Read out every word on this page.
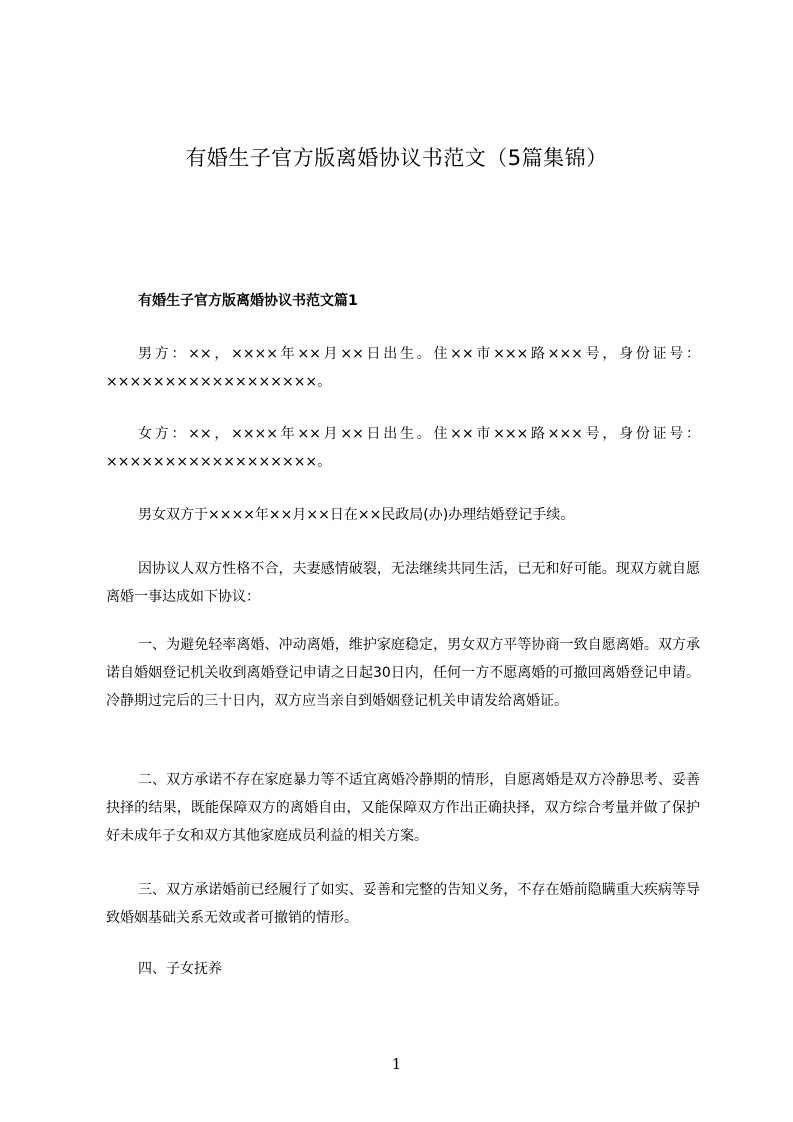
有婚生子官方版离婚协议书范文（5篇集锦）
有婚生子官方版离婚协议书范文篇1

男方：××，××××年××月××日出生。住××市×××路×××号，身份证号：××××××××××××××××××。

女方：××，××××年××月××日出生。住××市×××路×××号，身份证号：××××××××××××××××××。

男女双方于××××年××月××日在××民政局(办)办理结婚登记手续。

因协议人双方性格不合，夫妻感情破裂，无法继续共同生活，已无和好可能。现双方就自愿离婚一事达成如下协议：

一、为避免轻率离婚、冲动离婚，维护家庭稳定，男女双方平等协商一致自愿离婚。双方承诺自婚姻登记机关收到离婚登记申请之日起30日内，任何一方不愿离婚的可撤回离婚登记申请。冷静期过完后的三十日内，双方应当亲自到婚姻登记机关申请发给离婚证。

二、双方承诺不存在家庭暴力等不适宜离婚冷静期的情形，自愿离婚是双方冷静思考、妥善抉择的结果，既能保障双方的离婚自由，又能保障双方作出正确抉择，双方综合考量并做了保护好未成年子女和双方其他家庭成员利益的相关方案。

三、双方承诺婚前已经履行了如实、妥善和完整的告知义务，不存在婚前隐瞒重大疾病等导致婚姻基础关系无效或者可撤销的情形。

四、子女抚养

1
